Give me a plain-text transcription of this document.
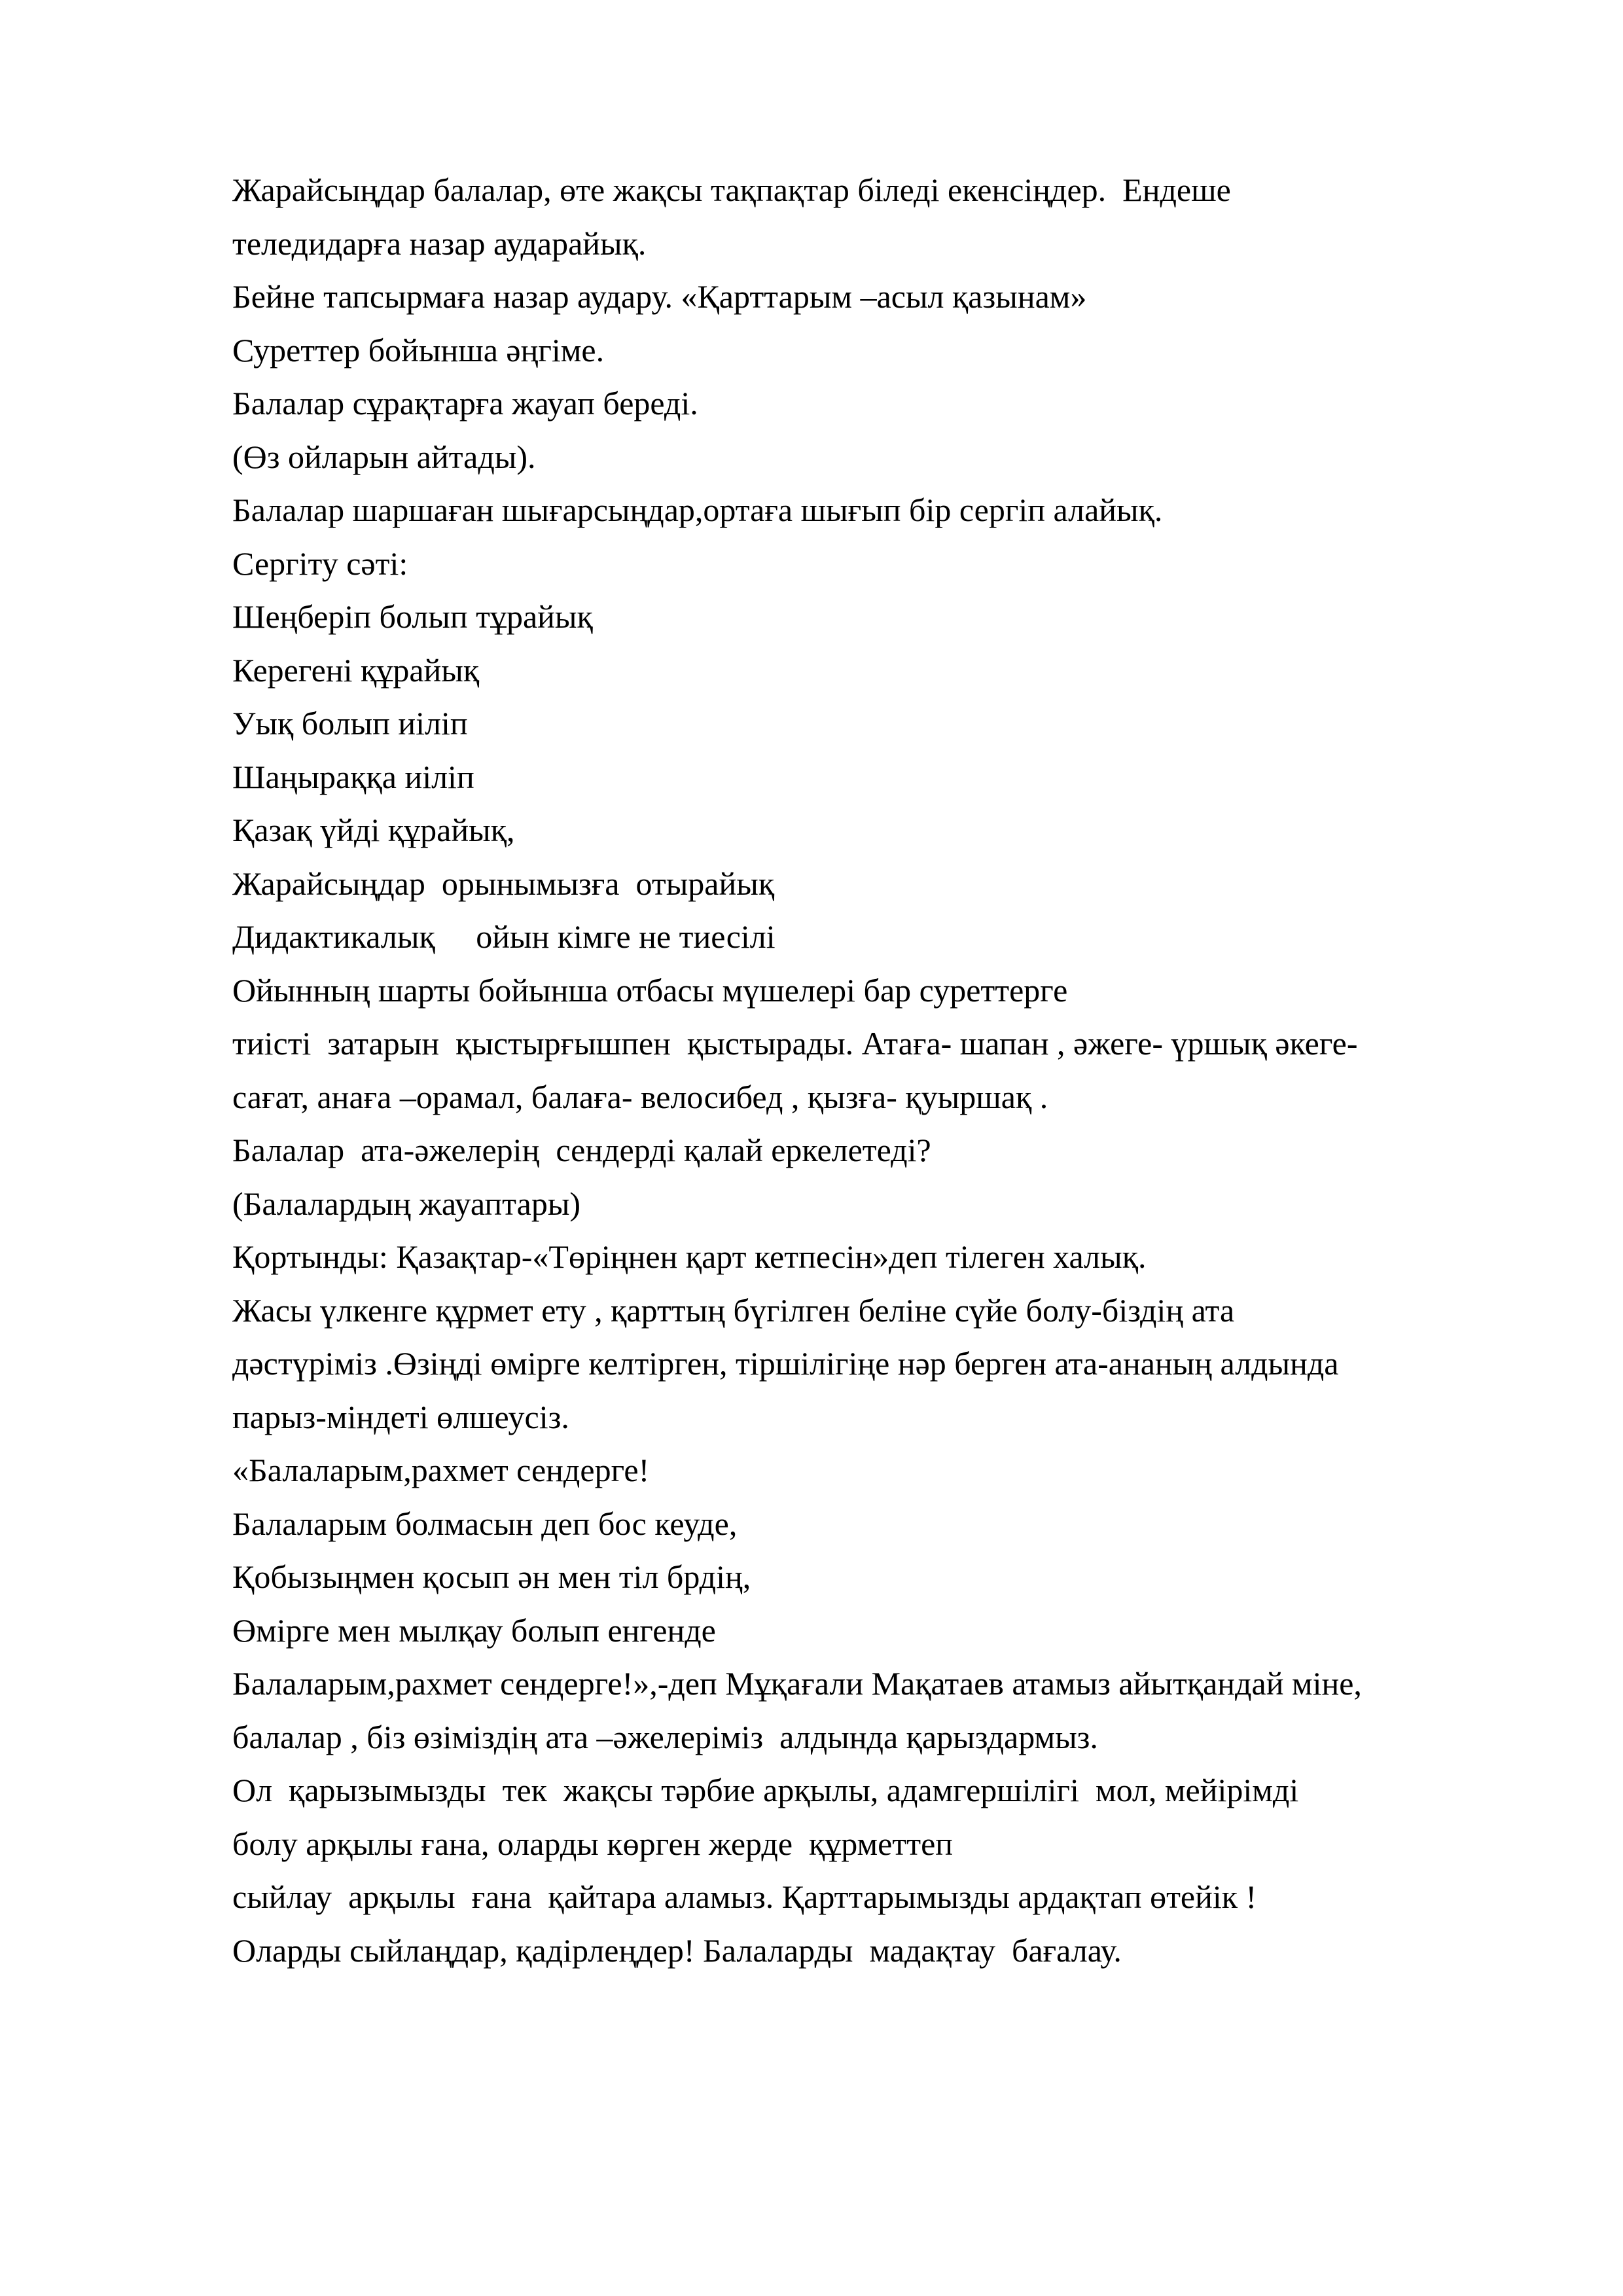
Жарайсыңдар балалар, өте жақсы тақпақтар біледі екенсіңдер.  Ендеше
теледидарға назар аударайық.
Бейне тапсырмаға назар аудару. «Қарттарым –асыл қазынам»
Суреттер бойынша әңгіме.
Балалар сұрақтарға жауап береді.
(Өз ойларын айтады).
Балалар шаршаған шығарсыңдар,ортаға шығып бір сергіп алайық.
Сергіту сәті:
Шеңберіп болып тұрайық
Керегені құрайық
Уық болып иіліп
Шаңыраққа иіліп
Қазақ үйді құрайық,
Жарайсыңдар  орынымызға  отырайық
Дидактикалық     ойын кімге не тиесілі
Ойынның шарты бойынша отбасы мүшелері бар суреттерге
тиісті  затарын  қыстырғышпен  қыстырады. Атаға- шапан , әжеге- үршық әкеге-
сағат, анаға –орамал, балаға- велосибед , қызға- қуыршақ .
Балалар  ата-әжелерің  сендерді қалай еркелетеді?
(Балалардың жауаптары)
Қортынды: Қазақтар-«Төріңнен қарт кетпесін»деп тілеген халық.
Жасы үлкенге құрмет ету , қарттың бүгілген беліне сүйе болу-біздің ата
дәстүріміз .Өзіңді өмірге келтірген, тіршілігіңе нәр берген ата-ананың алдында
парыз-міндеті өлшеусіз.
«Балаларым,рахмет сендерге!
Балаларым болмасын деп бос кеуде,
Қобызыңмен қосып ән мен тіл брдің,
Өмірге мен мылқау болып енгенде
Балаларым,рахмет сендерге!»,-деп Мұқағали Мақатаев атамыз айытқандай міне,
балалар , біз өзіміздің ата –әжелеріміз  алдында қарыздармыз.
Ол  қарызымызды  тек  жақсы тәрбие арқылы, адамгершілігі  мол, мейірімді
болу арқылы ғана, оларды көрген жерде  құрметтеп
сыйлау  арқылы  ғана  қайтара аламыз. Қарттарымызды ардақтап өтейік !
Оларды сыйлаңдар, қадірлеңдер! Балаларды  мадақтау  бағалау.
